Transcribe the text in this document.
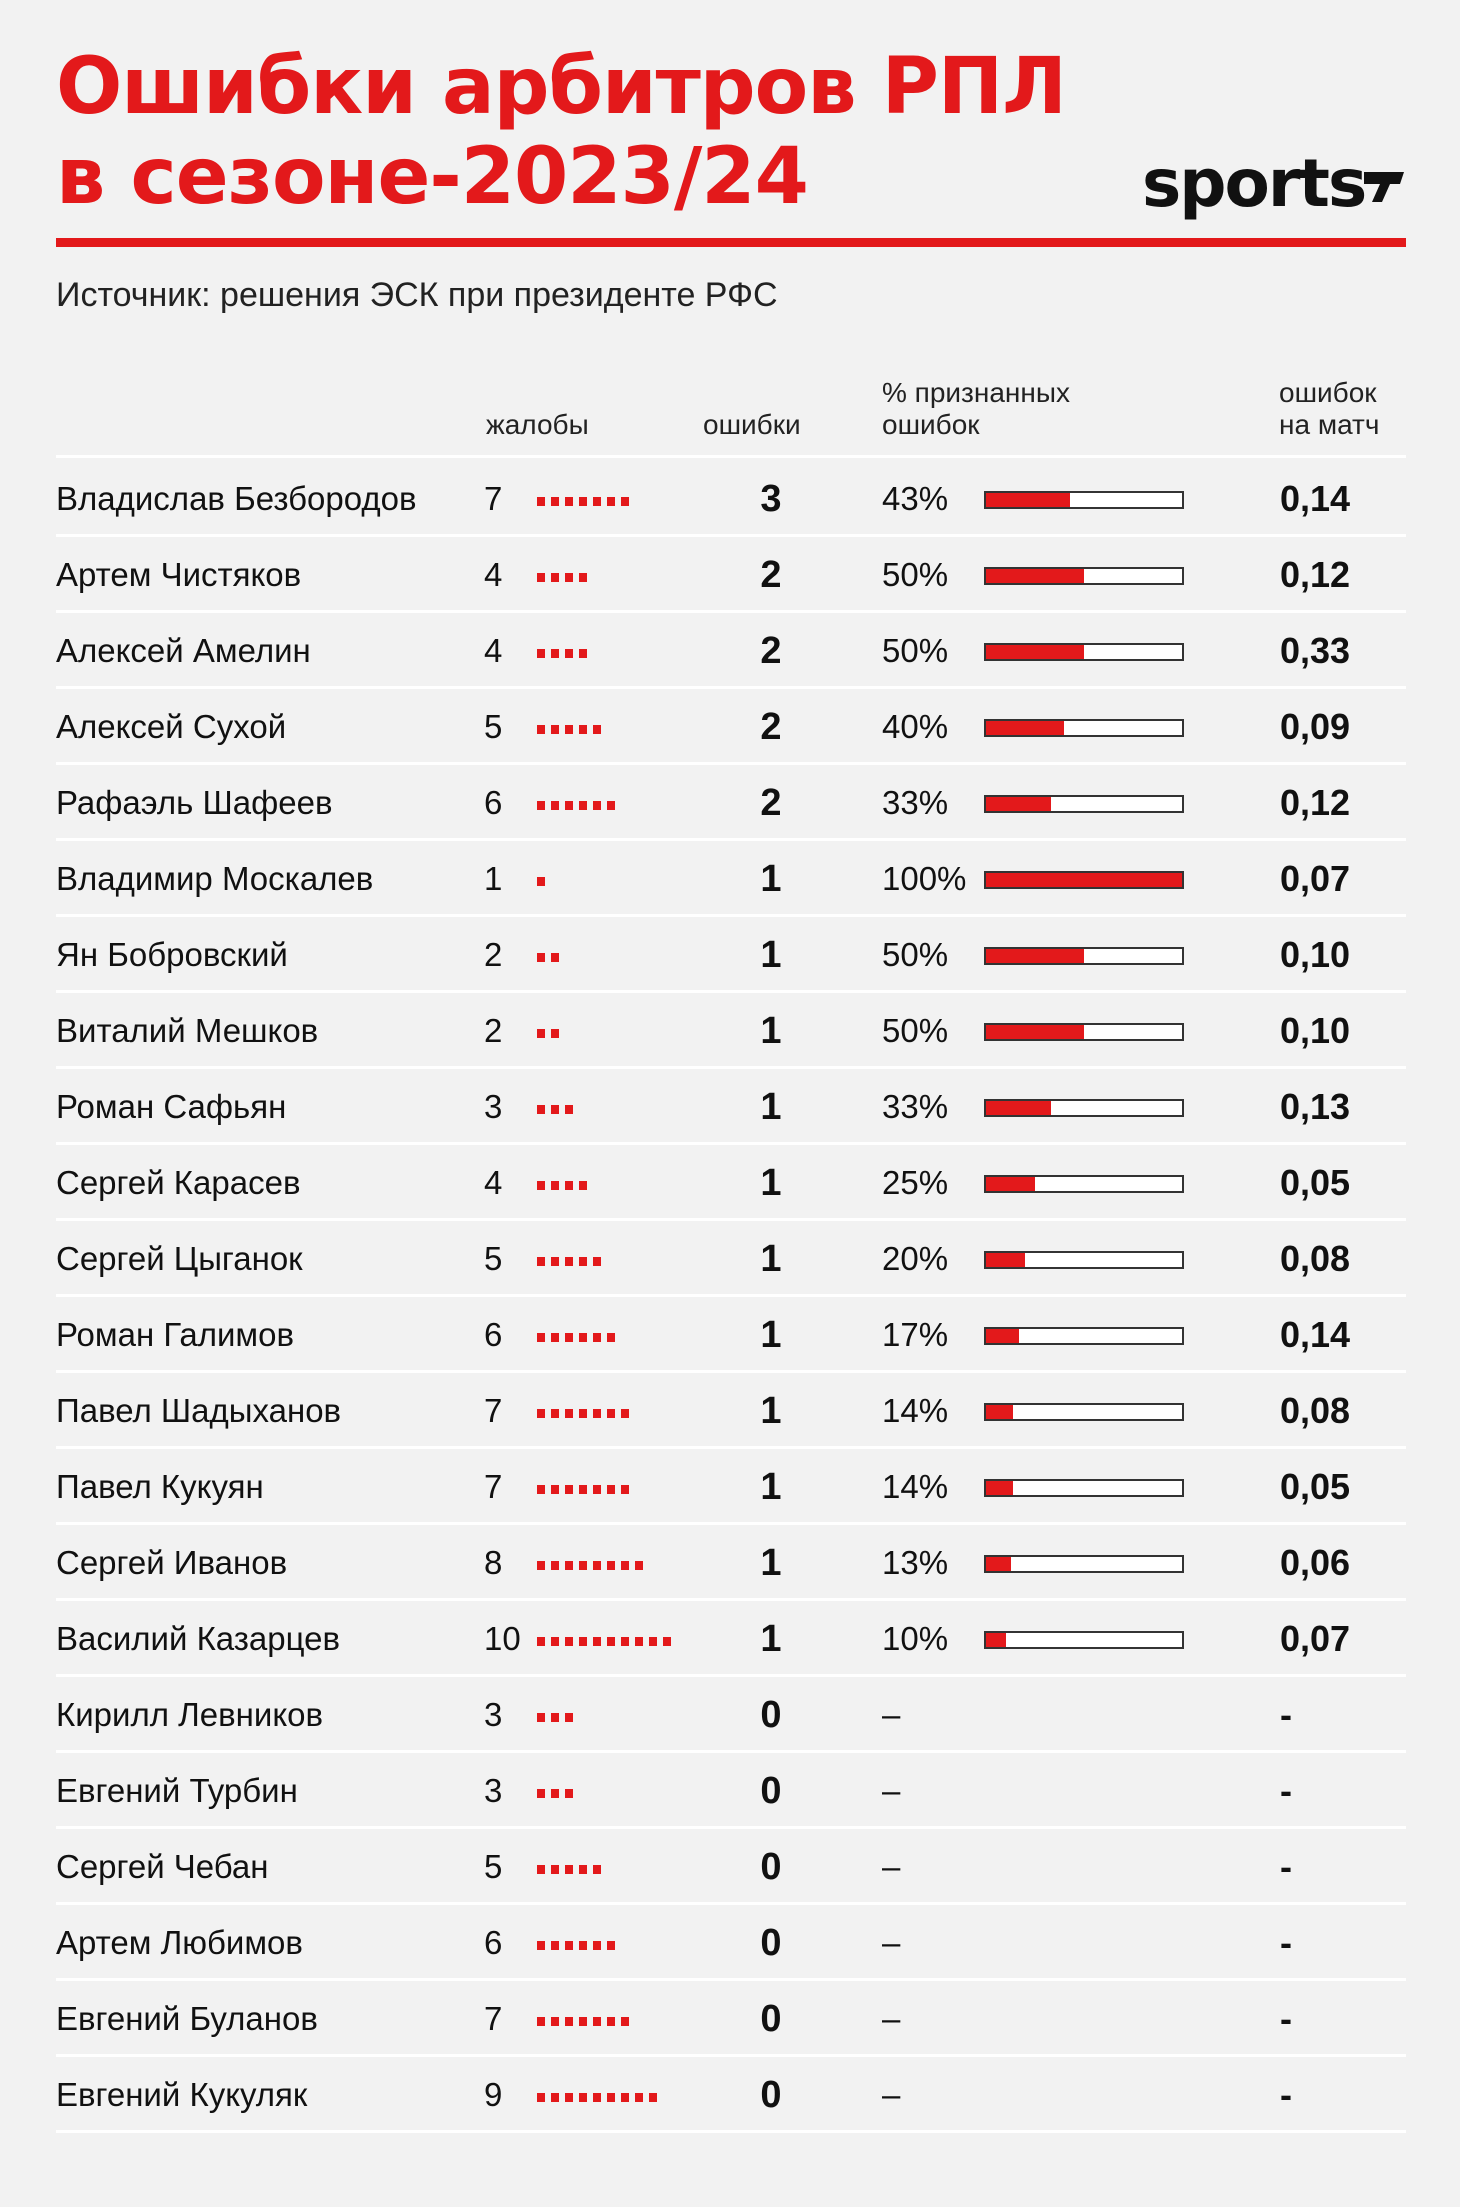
Ошибки арбитров РПЛ
в сезоне-2023/24	sports
Источник: решения ЭСК при президенте РФС
жалобы	ошибки
% признанных
ошибок
ошибок
на матч
Владислав Безбородов 7	3	43%	0,14
Артем Чистяков	4	2	50%	0,12
Алексей Амелин	4	2	50%	0,33
Алексей Сухой	5	2	40%	0,09
Рафаэль Шафеев	6	2	33%	0,12
Владимир Москалев	1	1	100%	0,07
Ян Бобровский	2	1	50%	0,10
Виталий Мешков	2	1	50%	0,10
Роман Сафьян	3	1	33%	0,13
Сергей Карасев	4	1	25%	0,05
Сергей Цыганок	5	1	20%	0,08
Роман Галимов	6	1	17%	0,14
Павел Шадыханов	7	1	14%	0,08
Павел Кукуян	7	1	14%	0,05
Сергей Иванов	8	1	13%	0,06
Василий Казарцев	10	1	10%	0,07
Кирилл Левников	3	0	–	-
Евгений Турбин	3	0	–	-
Сергей Чебан	5	0	–	-
Артем Любимов	6	0	–	-
Евгений Буланов	7	0	–	-
Евгений Кукуляк	9	0	–	-
